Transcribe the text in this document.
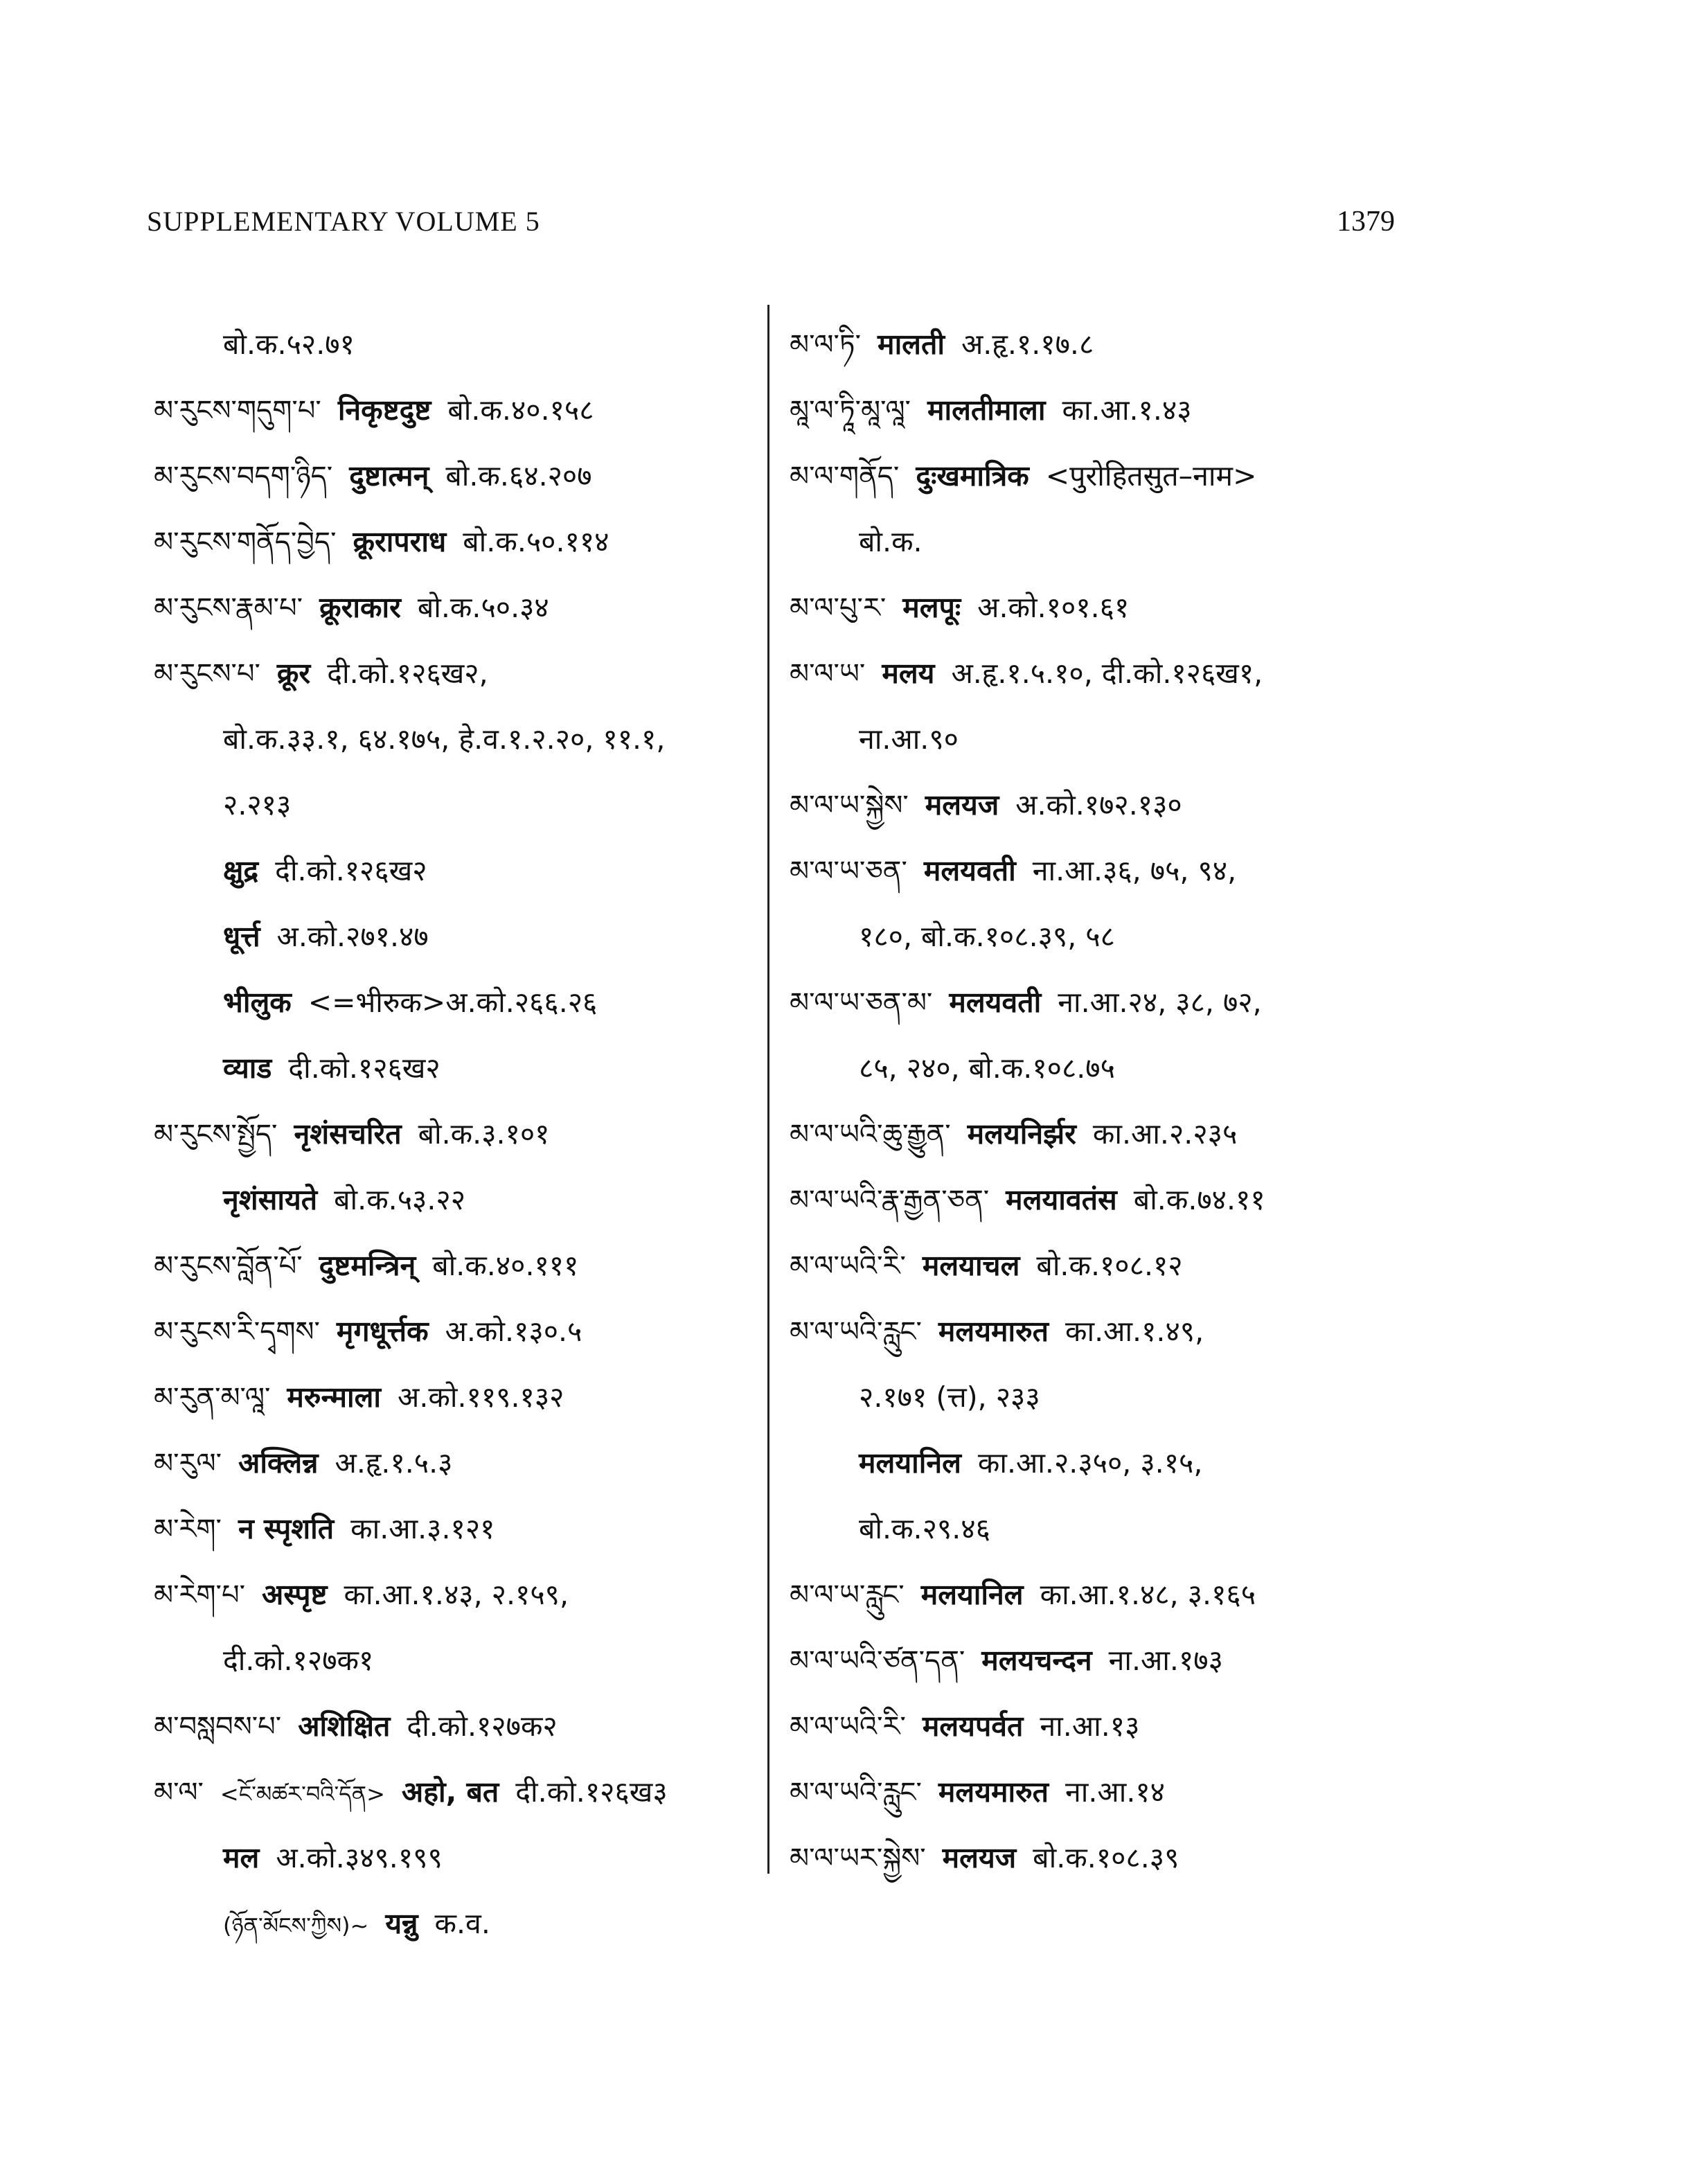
SUPPLEMENTARY VOLUME 5	1379
बो.क.५२.७१
མ་རུངས་གདུག་པ་ निकृष्टदुष्ट बो.क.४०.१५८
མ་རུངས་བདག་ཉིད་ दुष्टात्मन् बो.क.६४.२०७
མ་རུངས་གནོད་བྱེད་ क्रूरापराध बो.क.५०.११४
མ་རུངས་རྣམ་པ་ क्रूराकार बो.क.५०.३४
མ་རུངས་པ་ क्रूर दी.को.१२६ख२,
बो.क.३३.१, ६४.१७५, हे.व.१.२.२०, ११.१,
२.२१३
क्षुद्र दी.को.१२६ख२
धूर्त्त अ.को.२७१.४७
भीलुक <=भीरुक>अ.को.२६६.२६
व्याड दी.को.१२६ख२
མ་རུངས་སྤྱོད་ नृशंसचरित बो.क.३.१०१
नृशंसायते बो.क.५३.२२
མ་རུངས་བློན་པོ་ दुष्टमन्त्रिन् बो.क.४०.१११
མ་རུངས་རི་དྭགས་ मृगधूर्त्तक अ.को.१३०.५
མ་རུན་མ་ལཱ་ मरुन्माला अ.को.११९.१३२
མ་རུལ་ अक्लिन्न अ.हृ.१.५.३
མ་རེག་ न स्पृशति का.आ.३.१२१
མ་རེག་པ་ अस्पृष्ट का.आ.१.४३, २.१५९,
दी.को.१२७क१
མ་བསླབས་པ་ अशिक्षित दी.को.१२७क२
མ་ལ་ <ངོ་མཚར་བའི་དོན> अहो, बत दी.को.१२६ख३
मल अ.को.३४९.१९९
(ཉོན་མོངས་ཀྱིས)~ यन्नु क.व.
མ་ལ་ཏི་ मालती अ.हृ.१.१७.८
མཱ་ལ་ཏཱི་མཱ་ལཱ་ मालतीमाला का.आ.१.४३
མ་ལ་གནོད་ दुःखमात्रिक <पुरोहितसुत–नाम>
बो.क.
མ་ལ་པུ་ར་ मलपूः अ.को.१०१.६१
མ་ལ་ཡ་ मलय अ.हृ.१.५.१०, दी.को.१२६ख१,
ना.आ.९०
མ་ལ་ཡ་སྐྱེས་ मलयज अ.को.१७२.१३०
མ་ལ་ཡ་ཅན་ मलयवती ना.आ.३६, ७५, ९४,
१८०, बो.क.१०८.३९, ५८
མ་ལ་ཡ་ཅན་མ་ मलयवती ना.आ.२४, ३८, ७२,
८५, २४०, बो.क.१०८.७५
མ་ལ་ཡའི་ཆུ་རྒྱུན་ मलयनिर्झर का.आ.२.२३५
མ་ལ་ཡའི་རྣ་རྒྱན་ཅན་ मलयावतंस बो.क.७४.११
མ་ལ་ཡའི་རི་ मलयाचल बो.क.१०८.१२
མ་ལ་ཡའི་རླུང་ मलयमारुत का.आ.१.४९,
२.१७१ (त्त), २३३
मलयानिल का.आ.२.३५०, ३.१५,
बो.क.२९.४६
མ་ལ་ཡ་རླུང་ मलयानिल का.आ.१.४८, ३.१६५
མ་ལ་ཡའི་ཙན་དན་ मलयचन्दन ना.आ.१७३
མ་ལ་ཡའི་རི་ मलयपर्वत ना.आ.१३
མ་ལ་ཡའི་རླུང་ मलयमारुत ना.आ.१४
མ་ལ་ཡར་སྐྱེས་ मलयज बो.क.१०८.३९
